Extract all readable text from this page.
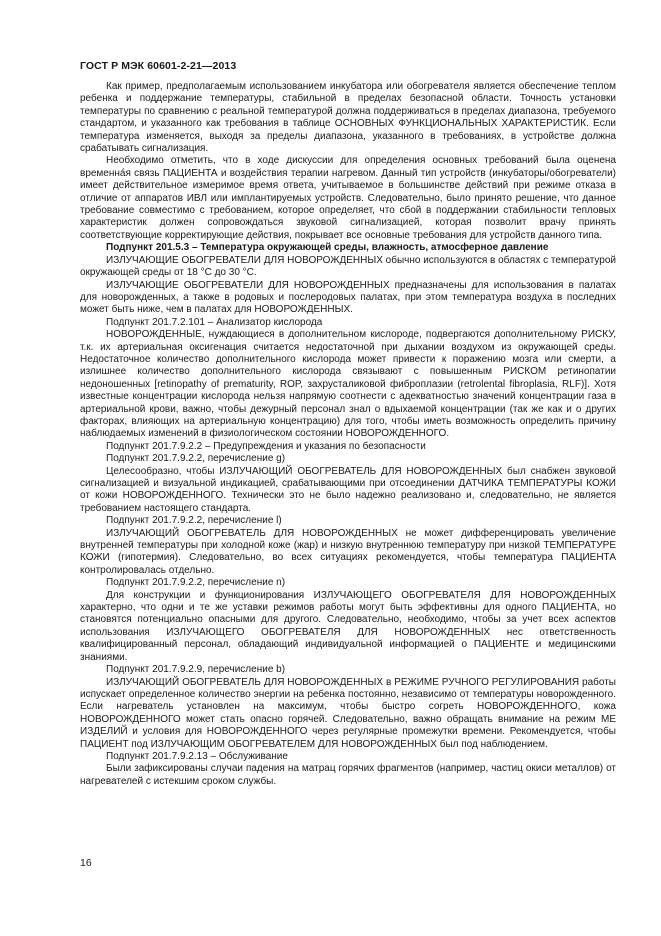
ГОСТ Р МЭК 60601-2-21—2013

Как пример, предполагаемым использованием инкубатора или обогревателя является обеспечение теплом ребенка и поддержание температуры, стабильной в пределах безопасной области. Точность установки температуры по сравнению с реальной температурой должна поддерживаться в пределах диапазона, требуемого стандартом, и указанного как требования в таблице ОСНОВНЫХ ФУНКЦИОНАЛЬНЫХ ХАРАКТЕРИСТИК. Если температура изменяется, выходя за пределы диапазона, указанного в требованиях, в устройстве должна срабатывать сигнализация.

Необходимо отметить, что в ходе дискуссии для определения основных требований была оценена временна́я связь ПАЦИЕНТА и воздействия терапии нагревом. Данный тип устройств (инкубаторы/обогреватели) имеет действительное измеримое время ответа, учитываемое в большинстве действий при режиме отказа в отличие от аппаратов ИВЛ или имплантируемых устройств. Следовательно, было принято решение, что данное требование совместимо с требованием, которое определяет, что сбой в поддержании стабильности тепловых характеристик должен сопровождаться звуковой сигнализацией, которая позволит врачу принять соответствующие корректирующие действия, покрывает все основные требования для устройств данного типа.

Подпункт 201.5.3 – Температура окружающей среды, влажность, атмосферное давление

ИЗЛУЧАЮЩИЕ ОБОГРЕВАТЕЛИ ДЛЯ НОВОРОЖДЕННЫХ обычно используются в областях с температурой окружающей среды от 18 °С до 30 °С.

ИЗЛУЧАЮЩИЕ ОБОГРЕВАТЕЛИ ДЛЯ НОВОРОЖДЕННЫХ предназначены для использования в палатах для новорожденных, а также в родовых и послеродовых палатах, при этом температура воздуха в последних может быть ниже, чем в палатах для НОВОРОЖДЕННЫХ.

Подпункт 201.7.2.101 – Анализатор кислорода

НОВОРОЖДЕННЫЕ, нуждающиеся в дополнительном кислороде, подвергаются дополнительному РИСКУ, т.к. их артериальная оксигенация считается недостаточной при дыхании воздухом из окружающей среды. Недостаточное количество дополнительного кислорода может привести к поражению мозга или смерти, а излишнее количество дополнительного кислорода связывают с повышенным РИСКОМ ретинопатии недоношенных [retinopathy of prematurity, ROP, захрусталиковой фиброплазии (retrolental fibroplasia, RLF)]. Хотя известные концентрации кислорода нельзя напрямую соотнести с адекватностью значений концентрации газа в артериальной крови, важно, чтобы дежурный персонал знал о вдыхаемой концентрации (так же как и о других факторах, влияющих на артериальную концентрацию) для того, чтобы иметь возможность определить причину наблюдаемых изменений в физиологическом состоянии НОВОРОЖДЕННОГО.

Подпункт 201.7.9.2.2 – Предупреждения и указания по безопасности

Подпункт 201.7.9.2.2, перечисление g)

Целесообразно, чтобы ИЗЛУЧАЮЩИЙ ОБОГРЕВАТЕЛЬ ДЛЯ НОВОРОЖДЕННЫХ был снабжен звуковой сигнализацией и визуальной индикацией, срабатывающими при отсоединении ДАТЧИКА ТЕМПЕРАТУРЫ КОЖИ от кожи НОВОРОЖДЕННОГО. Технически это не было надежно реализовано и, следовательно, не является требованием настоящего стандарта.

Подпункт 201.7.9.2.2, перечисление l)

ИЗЛУЧАЮЩИЙ ОБОГРЕВАТЕЛЬ ДЛЯ НОВОРОЖДЕННЫХ не может дифференцировать увеличение внутренней температуры при холодной коже (жар) и низкую внутреннюю температуру при низкой ТЕМПЕРАТУРЕ КОЖИ (гипотермия). Следовательно, во всех ситуациях рекомендуется, чтобы температура ПАЦИЕНТА контролировалась отдельно.

Подпункт 201.7.9.2.2, перечисление n)

Для конструкции и функционирования ИЗЛУЧАЮЩЕГО ОБОГРЕВАТЕЛЯ ДЛЯ НОВОРОЖДЕННЫХ характерно, что одни и те же уставки режимов работы могут быть эффективны для одного ПАЦИЕНТА, но становятся потенциально опасными для другого. Следовательно, необходимо, чтобы за учет всех аспектов использования ИЗЛУЧАЮЩЕГО ОБОГРЕВАТЕЛЯ ДЛЯ НОВОРОЖДЕННЫХ нес ответственность квалифицированный персонал, обладающий индивидуальной информацией о ПАЦИЕНТЕ и медицинскими знаниями.

Подпункт 201.7.9.2.9, перечисление b)

ИЗЛУЧАЮЩИЙ ОБОГРЕВАТЕЛЬ ДЛЯ НОВОРОЖДЕННЫХ в РЕЖИМЕ РУЧНОГО РЕГУЛИРОВАНИЯ работы испускает определенное количество энергии на ребенка постоянно, независимо от температуры новорожденного. Если нагреватель установлен на максимум, чтобы быстро согреть НОВОРОЖДЕННОГО, кожа НОВОРОЖДЕННОГО может стать опасно горячей. Следовательно, важно обращать внимание на режим МЕ ИЗДЕЛИЙ и условия для НОВОРОЖДЕННОГО через регулярные промежутки времени. Рекомендуется, чтобы ПАЦИЕНТ под ИЗЛУЧАЮЩИМ ОБОГРЕВАТЕЛЕМ ДЛЯ НОВОРОЖДЕННЫХ был под наблюдением.

Подпункт 201.7.9.2.13 – Обслуживание

Были зафиксированы случаи падения на матрац горячих фрагментов (например, частиц окиси металлов) от нагревателей с истекшим сроком службы.

16
